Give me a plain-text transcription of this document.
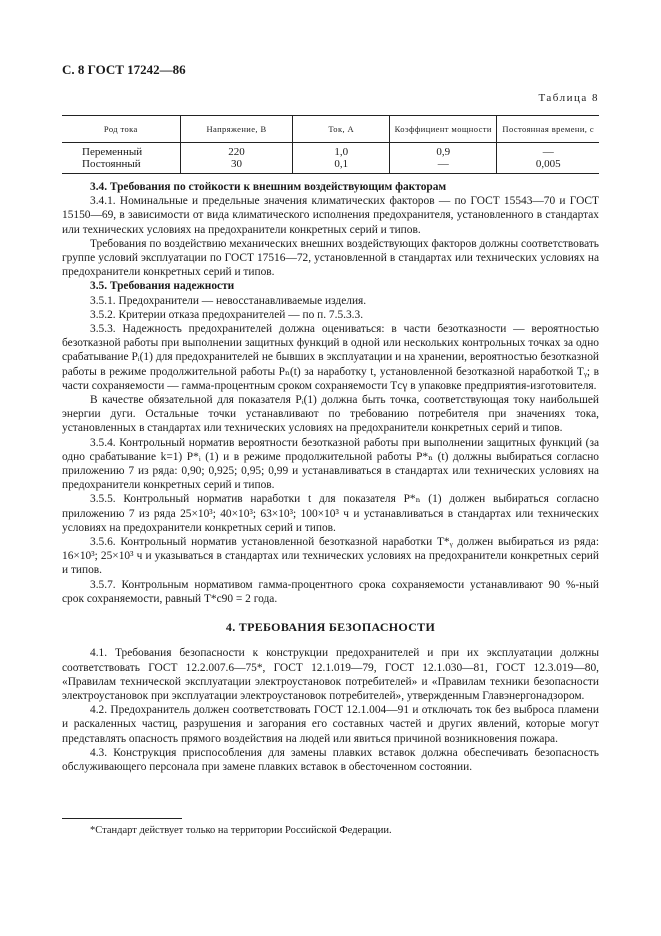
С. 8 ГОСТ 17242—86
Таблица 8
Род тока	Напряжение, В	Ток, А	Коэффициент мощности	Постоянная времени, с
Переменный	220	1,0	0,9	—
Постоянный	30	0,1	—	0,005

3.4. Требования по стойкости к внешним воздействующим факторам

3.4.1. Номинальные и предельные значения климатических факторов — по ГОСТ 15543—70 и ГОСТ 15150—69, в зависимости от вида климатического исполнения предохранителя, установленного в стандартах или технических условиях на предохранители конкретных серий и типов.

Требования по воздействию механических внешних воздействующих факторов должны соответствовать группе условий эксплуатации по ГОСТ 17516—72, установленной в стандартах или технических условиях на предохранители конкретных серий и типов.

3.5. Требования надежности

3.5.1. Предохранители — невосстанавливаемые изделия.

3.5.2. Критерии отказа предохранителей — по п. 7.5.3.3.

3.5.3. Надежность предохранителей должна оцениваться: в части безотказности — вероятностью безотказной работы при выполнении защитных функций в одной или нескольких контрольных точках за одно срабатывание Pᵢ(1) для предохранителей не бывших в эксплуатации и на хранении, вероятностью безотказной работы в режиме продолжительной работы Pₙ(t) за наработку t, установленной безотказной наработкой Tᵧ; в части сохраняемости — гамма-процентным сроком сохраняемости Tсγ в упаковке предприятия-изготовителя.

В качестве обязательной для показателя Pᵢ(1) должна быть точка, соответствующая току наибольшей энергии дуги. Остальные точки устанавливают по требованию потребителя при значениях тока, установленных в стандартах или технических условиях на предохранители конкретных серий и типов.

3.5.4. Контрольный норматив вероятности безотказной работы при выполнении защитных функций (за одно срабатывание k=1) P*ᵢ (1) и в режиме продолжительной работы P*ₙ (t) должны выбираться согласно приложению 7 из ряда: 0,90; 0,925; 0,95; 0,99 и устанавливаться в стандартах или технических условиях на предохранители конкретных серий и типов.

3.5.5. Контрольный норматив наработки t для показателя P*ₙ (1) должен выбираться согласно приложению 7 из ряда 25×10³; 40×10³; 63×10³; 100×10³ ч и устанавливаться в стандартах или технических условиях на предохранители конкретных серий и типов.

3.5.6. Контрольный норматив установленной безотказной наработки T*ᵧ должен выбираться из ряда: 16×10³; 25×10³ ч и указываться в стандартах или технических условиях на предохранители конкретных серий и типов.

3.5.7. Контрольным нормативом гамма-процентного срока сохраняемости устанавливают 90 %-ный срок сохраняемости, равный T*с90 = 2 года.

4. ТРЕБОВАНИЯ БЕЗОПАСНОСТИ

4.1. Требования безопасности к конструкции предохранителей и при их эксплуатации должны соответствовать ГОСТ 12.2.007.6—75*, ГОСТ 12.1.019—79, ГОСТ 12.1.030—81, ГОСТ 12.3.019—80, «Правилам технической эксплуатации электроустановок потребителей» и «Правилам техники безопасности электроустановок при эксплуатации электроустановок потребителей», утвержденным Главэнергонадзором.

4.2. Предохранитель должен соответствовать ГОСТ 12.1.004—91 и отключать ток без выброса пламени и раскаленных частиц, разрушения и загорания его составных частей и других явлений, которые могут представлять опасность прямого воздействия на людей или явиться причиной возникновения пожара.

4.3. Конструкция приспособления для замены плавких вставок должна обеспечивать безопасность обслуживающего персонала при замене плавких вставок в обесточенном состоянии.

*Стандарт действует только на территории Российской Федерации.
